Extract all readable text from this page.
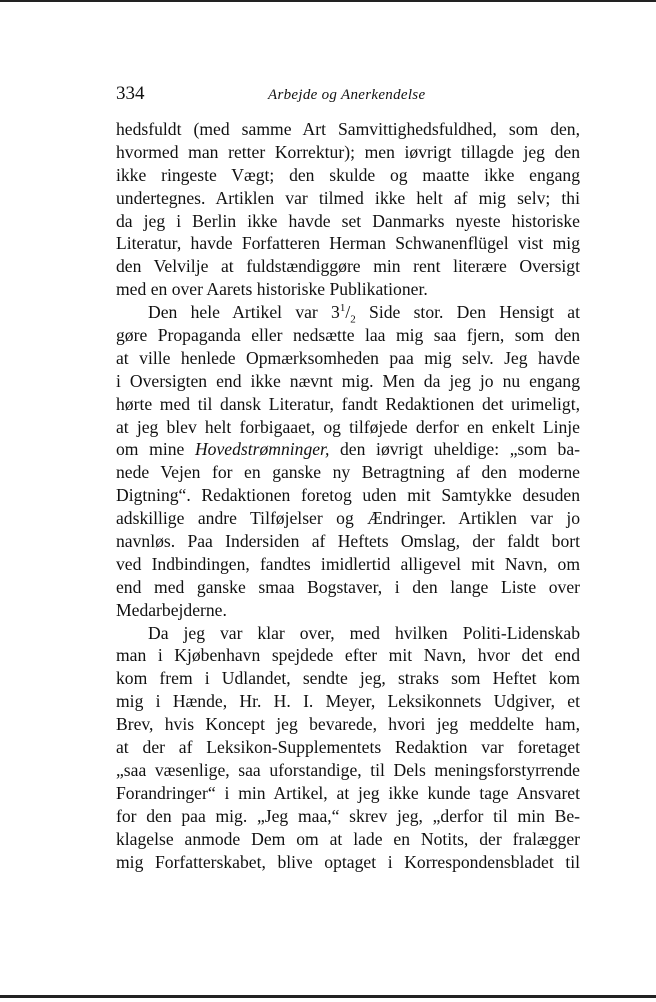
334	Arbejde og Anerkendelse
hedsfuldt (med samme Art Samvittighedsfuldhed, som den,
hvormed man retter Korrektur); men iøvrigt tillagde jeg den
ikke ringeste Vægt; den skulde og maatte ikke engang
undertegnes. Artiklen var tilmed ikke helt af mig selv; thi
da jeg i Berlin ikke havde set Danmarks nyeste historiske
Literatur, havde Forfatteren Herman Schwanenflügel vist mig
den Velvilje at fuldstændiggøre min rent literære Oversigt
med en over Aarets historiske Publikationer.
Den hele Artikel var $3^1/_2$ Side stor. Den Hensigt at
gøre Propaganda eller nedsætte laa mig saa fjern, som den
at ville henlede Opmærksomheden paa mig selv. Jeg havde
i Oversigten end ikke nævnt mig. Men da jeg jo nu engang
hørte med til dansk Literatur, fandt Redaktionen det urimeligt,
at jeg blev helt forbigaaet, og tilføjede derfor en enkelt Linje
om mine Hovedstrømninger, den iøvrigt uheldige: „som ba-
nede Vejen for en ganske ny Betragtning af den moderne
Digtning“. Redaktionen foretog uden mit Samtykke desuden
adskillige andre Tilføjelser og Ændringer. Artiklen var jo
navnløs. Paa Indersiden af Heftets Omslag, der faldt bort
ved Indbindingen, fandtes imidlertid alligevel mit Navn, om
end med ganske smaa Bogstaver, i den lange Liste over
Medarbejderne.
Da jeg var klar over, med hvilken Politi-Lidenskab
man i Kjøbenhavn spejdede efter mit Navn, hvor det end
kom frem i Udlandet, sendte jeg, straks som Heftet kom
mig i Hænde, Hr. H. I. Meyer, Leksikonnets Udgiver, et
Brev, hvis Koncept jeg bevarede, hvori jeg meddelte ham,
at der af Leksikon-Supplementets Redaktion var foretaget
„saa væsenlige, saa uforstandige, til Dels meningsforstyrrende
Forandringer“ i min Artikel, at jeg ikke kunde tage Ansvaret
for den paa mig. „Jeg maa,“ skrev jeg, „derfor til min Be-
klagelse anmode Dem om at lade en Notits, der fralægger
mig Forfatterskabet, blive optaget i Korrespondensbladet til
